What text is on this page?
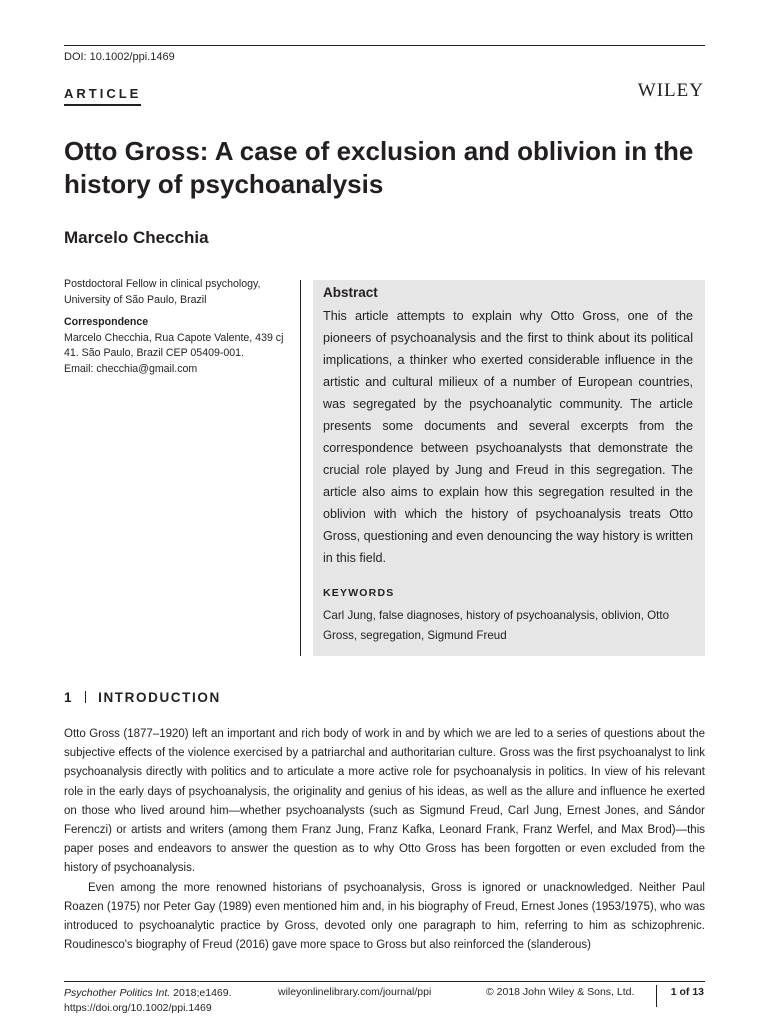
DOI: 10.1002/ppi.1469
ARTICLE	WILEY
Otto Gross: A case of exclusion and oblivion in the history of psychoanalysis
Marcelo Checchia
Postdoctoral Fellow in clinical psychology, University of São Paulo, Brazil
Correspondence
Marcelo Checchia, Rua Capote Valente, 439 cj 41. São Paulo, Brazil CEP 05409-001.
Email: checchia@gmail.com
Abstract
This article attempts to explain why Otto Gross, one of the pioneers of psychoanalysis and the first to think about its political implications, a thinker who exerted considerable influence in the artistic and cultural milieux of a number of European countries, was segregated by the psychoanalytic community. The article presents some documents and several excerpts from the correspondence between psychoanalysts that demonstrate the crucial role played by Jung and Freud in this segregation. The article also aims to explain how this segregation resulted in the oblivion with which the history of psychoanalysis treats Otto Gross, questioning and even denouncing the way history is written in this field.
KEYWORDS
Carl Jung, false diagnoses, history of psychoanalysis, oblivion, Otto Gross, segregation, Sigmund Freud
1 INTRODUCTION

Otto Gross (1877–1920) left an important and rich body of work in and by which we are led to a series of questions about the subjective effects of the violence exercised by a patriarchal and authoritarian culture. Gross was the first psychoanalyst to link psychoanalysis directly with politics and to articulate a more active role for psychoanalysis in politics. In view of his relevant role in the early days of psychoanalysis, the originality and genius of his ideas, as well as the allure and influence he exerted on those who lived around him—whether psychoanalysts (such as Sigmund Freud, Carl Jung, Ernest Jones, and Sándor Ferenczi) or artists and writers (among them Franz Jung, Franz Kafka, Leonard Frank, Franz Werfel, and Max Brod)—this paper poses and endeavors to answer the question as to why Otto Gross has been forgotten or even excluded from the history of psychoanalysis.

Even among the more renowned historians of psychoanalysis, Gross is ignored or unacknowledged. Neither Paul Roazen (1975) nor Peter Gay (1989) even mentioned him and, in his biography of Freud, Ernest Jones (1953/1975), who was introduced to psychoanalytic practice by Gross, devoted only one paragraph to him, referring to him as schizophrenic. Roudinesco's biography of Freud (2016) gave more space to Gross but also reinforced the (slanderous)

Psychother Politics Int. 2018;e1469.
https://doi.org/10.1002/ppi.1469
wileyonlinelibrary.com/journal/ppi	© 2018 John Wiley & Sons, Ltd.	1 of 13
